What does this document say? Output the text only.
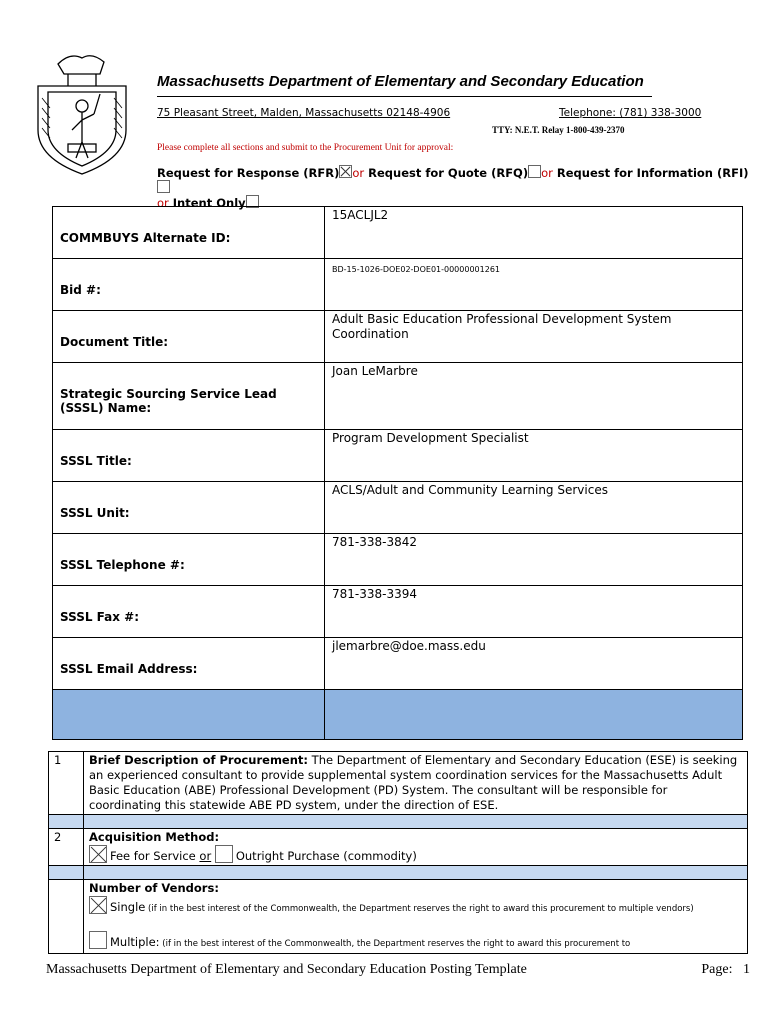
Massachusetts Department of Elementary and Secondary Education
75 Pleasant Street, Malden, Massachusetts 02148-4906	Telephone: (781) 338-3000
TTY: N.E.T. Relay 1-800-439-2370
Please complete all sections and submit to the Procurement Unit for approval:
Request for Response (RFR) or Request for Quote (RFQ) or Request for Information (RFI)
or Intent Only
COMMBUYS Alternate ID:	15ACLJL2
Bid #:	BD-15-1026-DOE02-DOE01-00000001261
Document Title:	Adult Basic Education Professional Development System Coordination
Strategic Sourcing Service Lead (SSSL) Name:	Joan LeMarbre
SSSL Title:	Program Development Specialist
SSSL Unit:	ACLS/Adult and Community Learning Services
SSSL Telephone #:	781-338-3842
SSSL Fax #:	781-338-3394
SSSL Email Address:	jlemarbre@doe.mass.edu

1	Brief Description of Procurement: The Department of Elementary and Secondary Education (ESE) is seeking an experienced consultant to provide supplemental system coordination services for the Massachusetts Adult Basic Education (ABE) Professional Development (PD) System. The consultant will be responsible for coordinating this statewide ABE PD system, under the direction of ESE.

2	Acquisition Method:
Fee for Service or Outright Purchase (commodity)

	Number of Vendors:
Single (if in the best interest of the Commonwealth, the Department reserves the right to award this procurement to multiple vendors)

Multiple: (if in the best interest of the Commonwealth, the Department reserves the right to award this procurement to
Massachusetts Department of Elementary and Secondary Education Posting Template	Page: 1
